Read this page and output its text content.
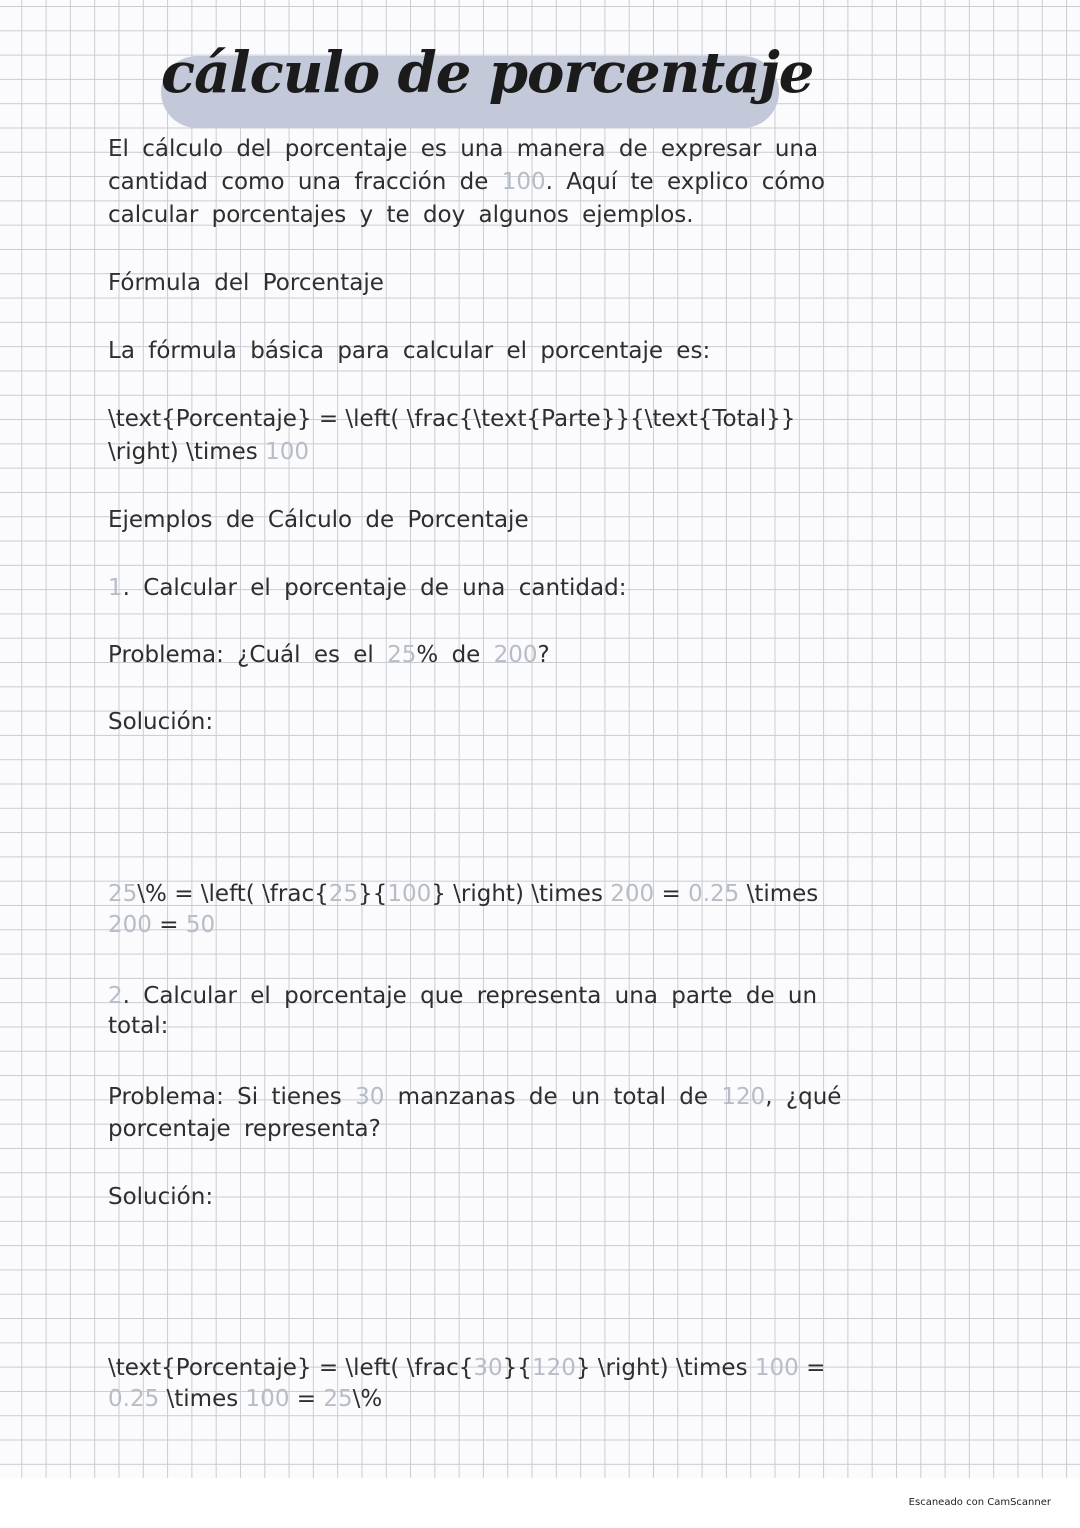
cálculo de porcentaje
El cálculo del porcentaje es una manera de expresar una
cantidad como una fracción de 100. Aquí te explico cómo
calcular porcentajes y te doy algunos ejemplos.
Fórmula del Porcentaje
La fórmula básica para calcular el porcentaje es:
\text{Porcentaje} = \left( \frac{\text{Parte}}{\text{Total}}
\right) \times 100
Ejemplos de Cálculo de Porcentaje
1. Calcular el porcentaje de una cantidad:
Problema: ¿Cuál es el 25% de 200?
Solución:
25\% = \left( \frac{25}{100} \right) \times 200 = 0.25 \times
200 = 50
2. Calcular el porcentaje que representa una parte de un
total:
Problema: Si tienes 30 manzanas de un total de 120, ¿qué
porcentaje representa?
Solución:
\text{Porcentaje} = \left( \frac{30}{120} \right) \times 100 =
0.25 \times 100 = 25\%
Escaneado con CamScanner
